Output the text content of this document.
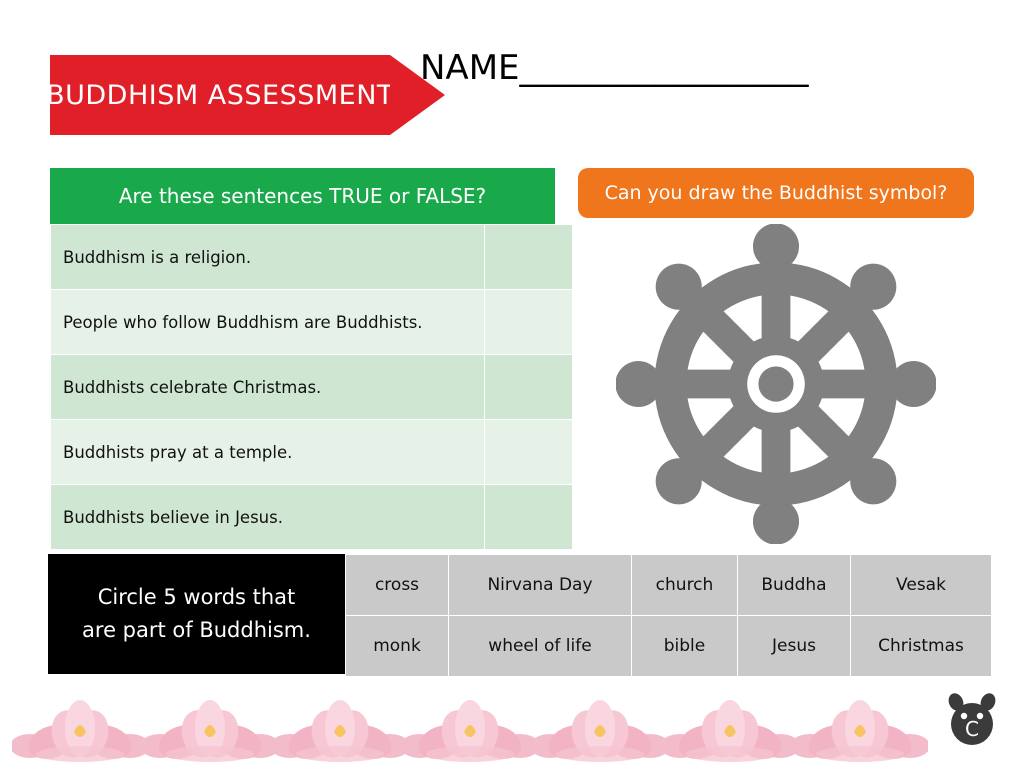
BUDDHISM ASSESSMENT
NAME_________________
Are these sentences TRUE or FALSE?
Buddhism is a religion.	
People who follow Buddhism are Buddhists.	
Buddhists celebrate Christmas.	
Buddhists pray at a temple.	
Buddhists believe in Jesus.	
Can you draw the Buddhist symbol?
Circle 5 words that
are part of Buddhism.
cross	Nirvana Day	church	Buddha	Vesak
monk	wheel of life	bible	Jesus	Christmas
C
